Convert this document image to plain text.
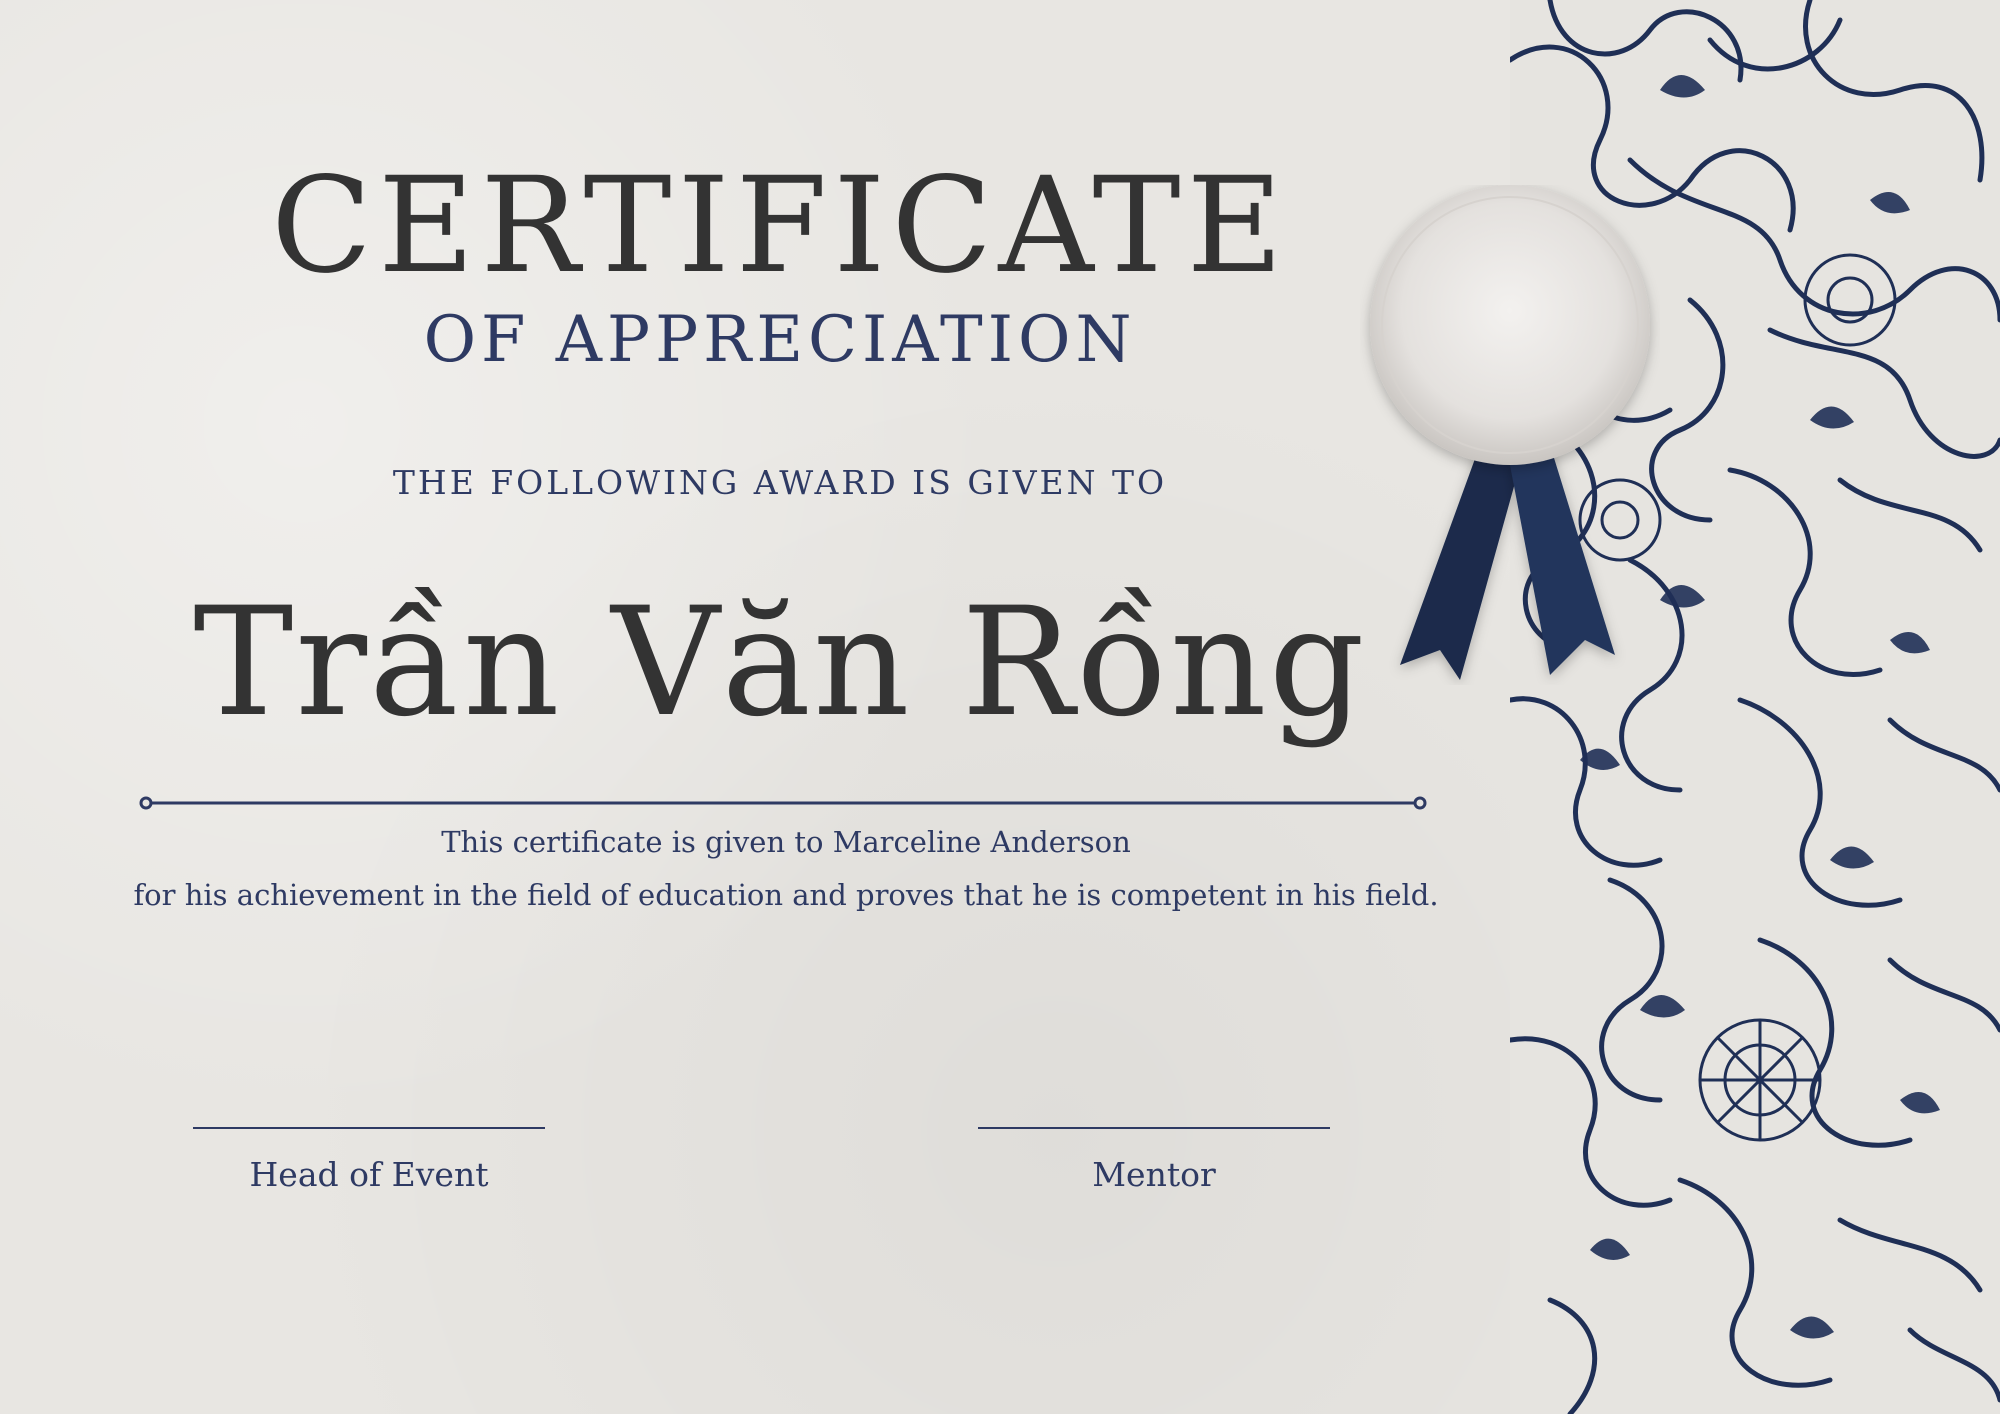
CERTIFICATE
OF APPRECIATION
THE FOLLOWING AWARD IS GIVEN TO
Trần Văn Rồng
This certificate is given to Marceline Anderson
for his achievement in the field of education and proves that he is competent in his field.
Head of Event	Mentor
